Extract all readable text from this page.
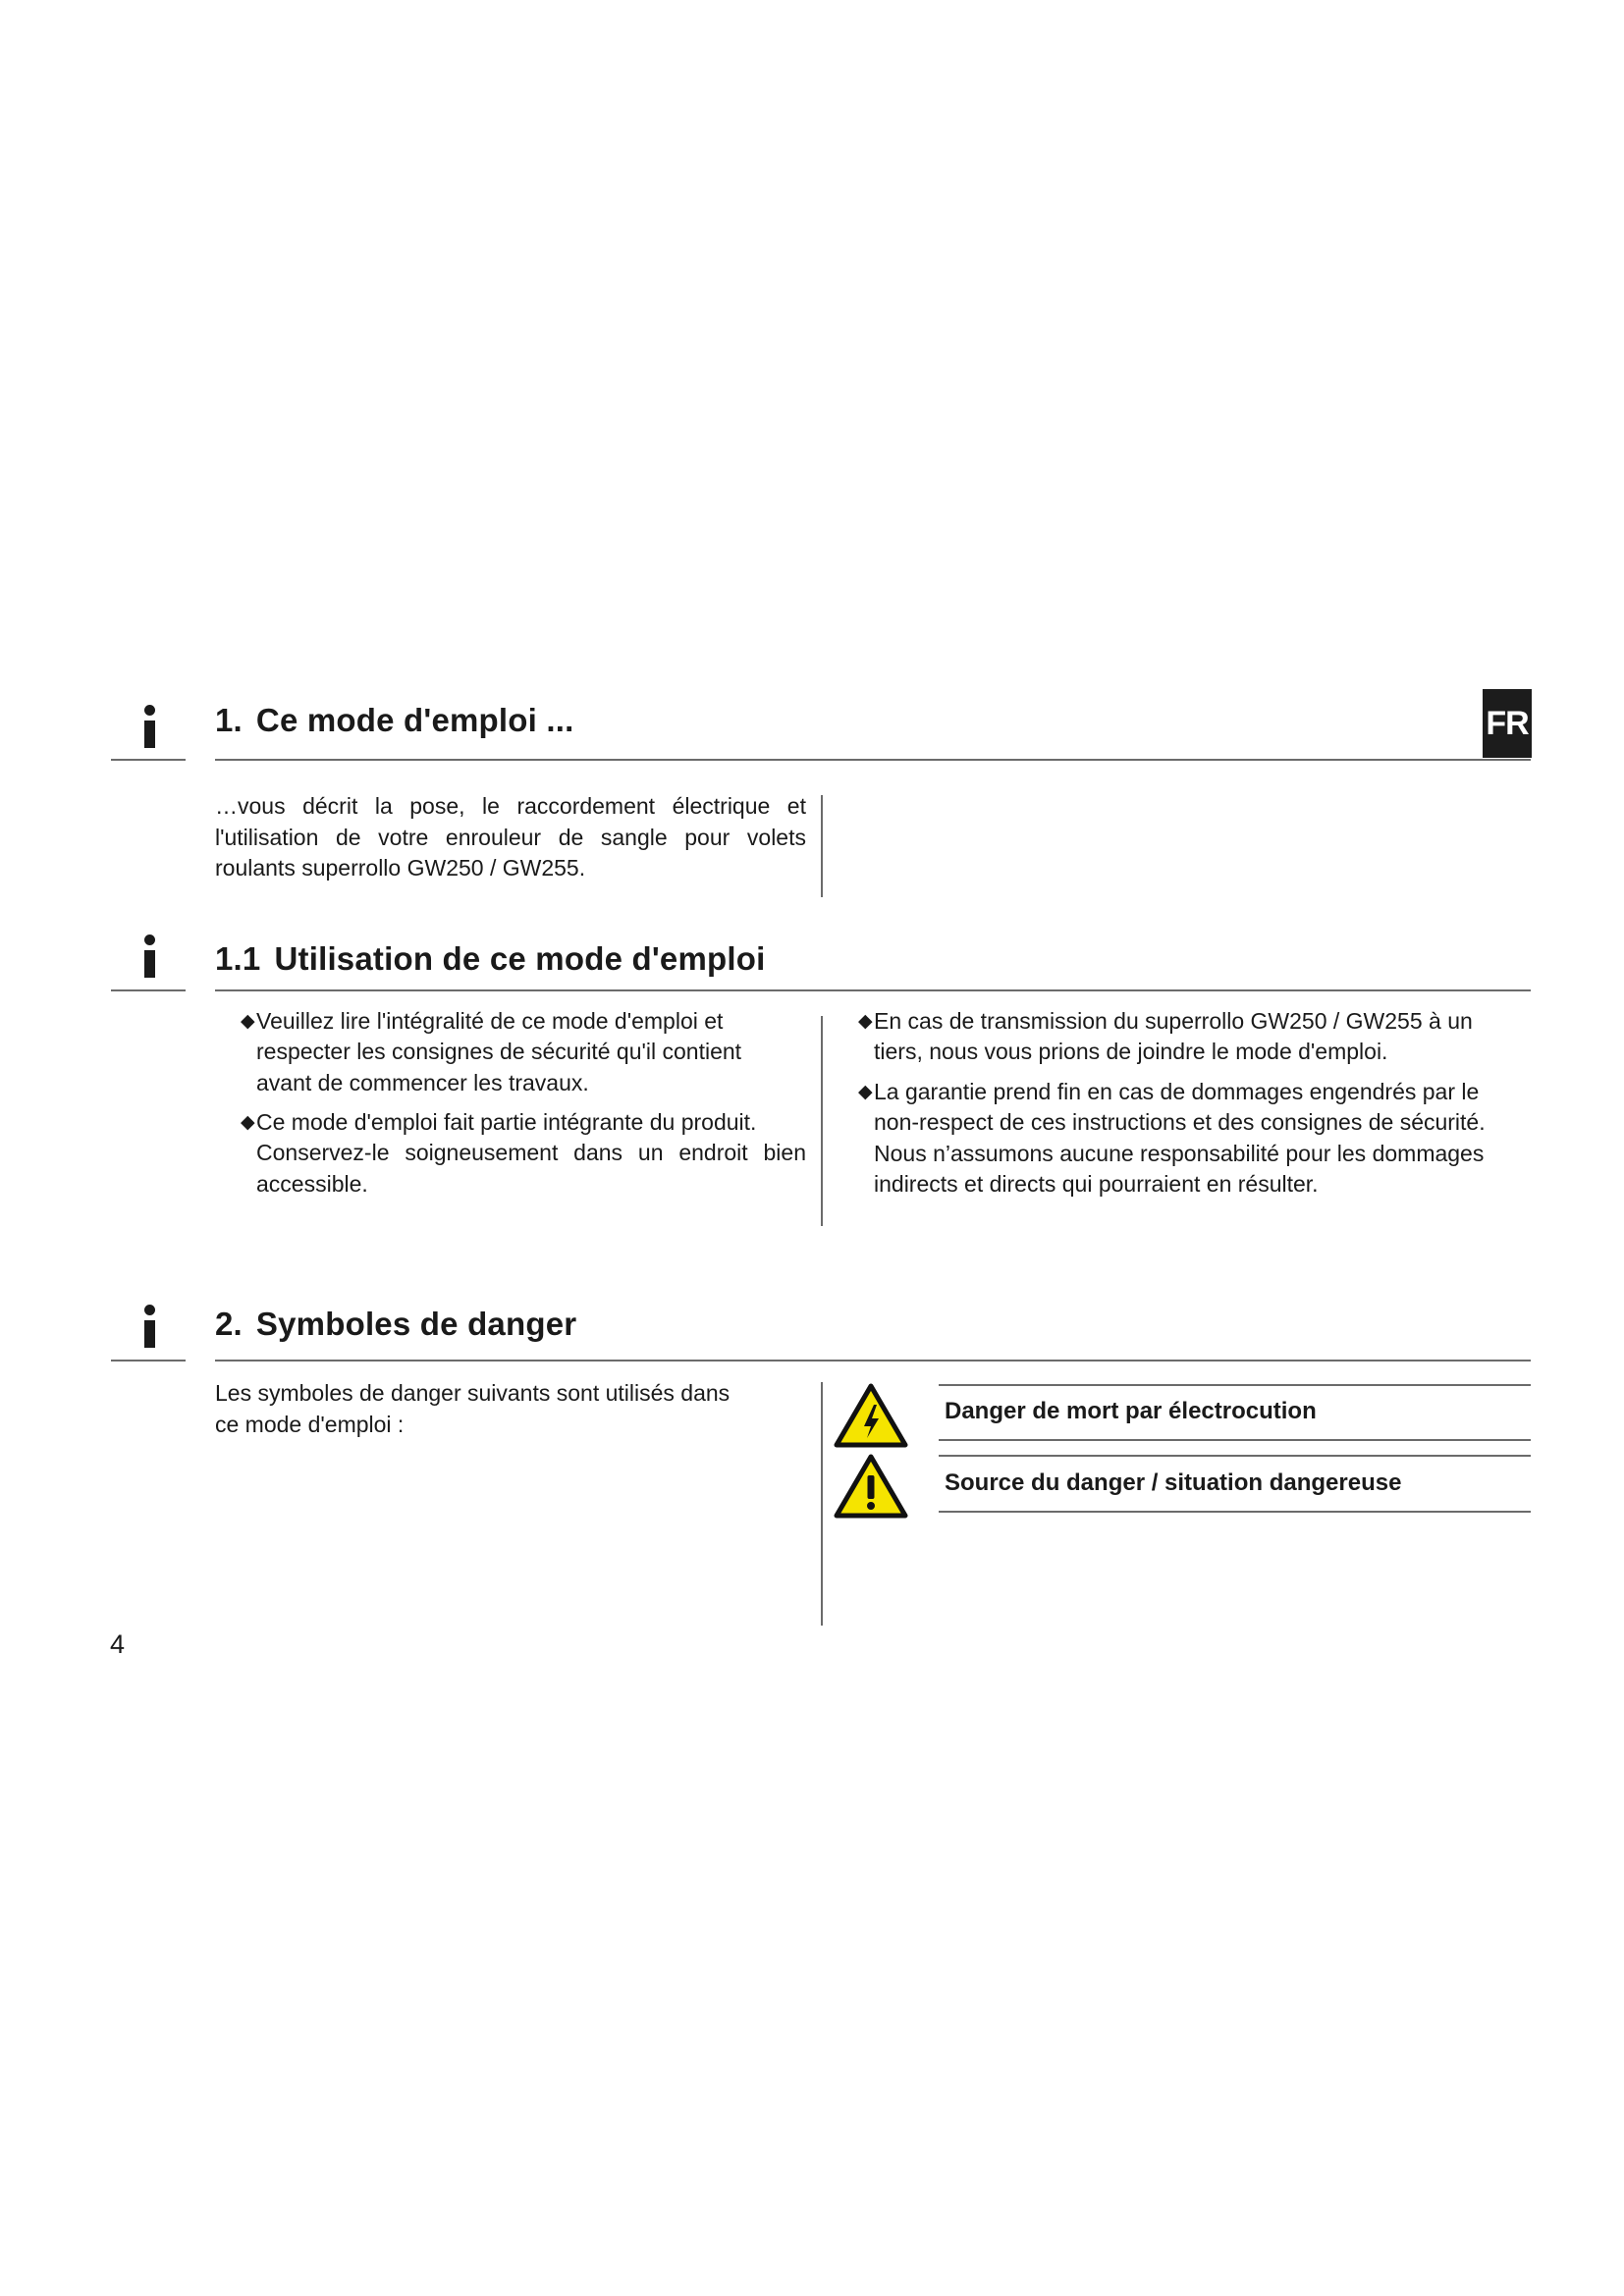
1. Ce mode d'emploi ...	FR
…vous décrit la pose, le raccordement électrique et
l'utilisation de votre enrouleur de sangle pour volets
roulants superrollo GW250 / GW255.
1.1 Utilisation de ce mode d'emploi
◆ Veuillez lire l'intégralité de ce mode d'emploi et
respecter les consignes de sécurité qu'il contient
avant de commencer les travaux.
◆ Ce mode d'emploi fait partie intégrante du produit.
Conservez-le soigneusement dans un endroit bien
accessible.
◆ En cas de transmission du superrollo GW250 / GW255 à un
tiers, nous vous prions de joindre le mode d'emploi.
◆ La garantie prend fin en cas de dommages engendrés par le
non-respect de ces instructions et des consignes de sécurité.
Nous n’assumons aucune responsabilité pour les dommages
indirects et directs qui pourraient en résulter.
2. Symboles de danger
Les symboles de danger suivants sont utilisés dans
ce mode d'emploi :	Danger de mort par électrocution
Source du danger / situation dangereuse
4
